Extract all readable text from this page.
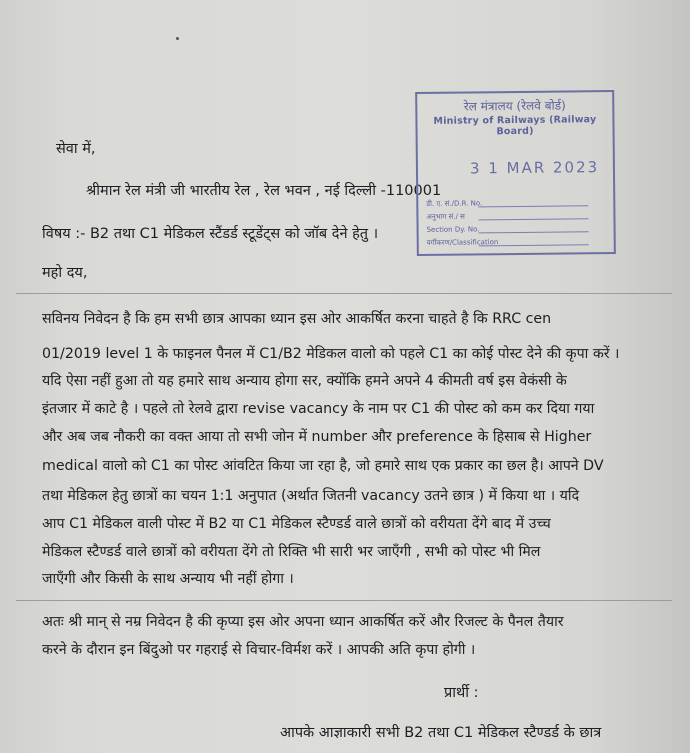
सेवा में,
श्रीमान रेल मंत्री जी भारतीय रेल , रेल भवन , नई दिल्ली -110001
विषय :- B2 तथा C1 मेडिकल स्टैंडर्ड स्टूडेंट्स को जॉब देने हेतु ।
महो दय,
सविनय निवेदन है कि हम सभी छात्र आपका ध्यान इस ओर आकर्षित करना चाहते है कि RRC cen
01/2019 level 1 के फाइनल पैनल में C1/B2 मेडिकल वालो को पहले C1 का कोई पोस्ट देने की कृपा करें ।
यदि ऐसा नहीं हुआ तो यह हमारे साथ अन्याय होगा सर, क्योंकि हमने अपने 4 कीमती वर्ष इस वेकंसी के
इंतजार में काटे है । पहले तो रेलवे द्वारा revise vacancy के नाम पर C1 की पोस्ट को कम कर दिया गया
और अब जब नौकरी का वक्त आया तो सभी जोन में number और preference के हिसाब से Higher
medical वालो को C1 का पोस्ट आंवटित किया जा रहा है, जो हमारे साथ एक प्रकार का छल है। आपने DV
तथा मेडिकल हेतु छात्रों का चयन 1:1 अनुपात (अर्थात जितनी vacancy उतने छात्र ) में किया था । यदि
आप C1 मेडिकल वाली पोस्ट में B2 या C1 मेडिकल स्टैण्डर्ड वाले छात्रों को वरीयता देंगे बाद में उच्च
मेडिकल स्टैण्डर्ड वाले छात्रों को वरीयता देंगे तो रिक्ति भी सारी भर जाएँगी , सभी को पोस्ट भी मिल
जाएँगी और किसी के साथ अन्याय भी नहीं होगा ।
अतः श्री मान् से नम्र निवेदन है की कृप्या इस ओर अपना ध्यान आकर्षित करें और रिजल्ट के पैनल तैयार
करने के दौरान इन बिंदुओ पर गहराई से विचार-विर्मश करें । आपकी अति कृपा होगी ।
प्रार्थी :
आपके आज्ञाकारी सभी B2 तथा C1 मेडिकल स्टैण्डर्ड के छात्र
रेल मंत्रालय (रेलवे बोर्ड)
Ministry of Railways (Railway Board)
3 1 MAR 2023
डी. ए. सं./D.R. No.
अनुभाग सं./ स
Section Dy. No.
वर्गीकरण/Classification
